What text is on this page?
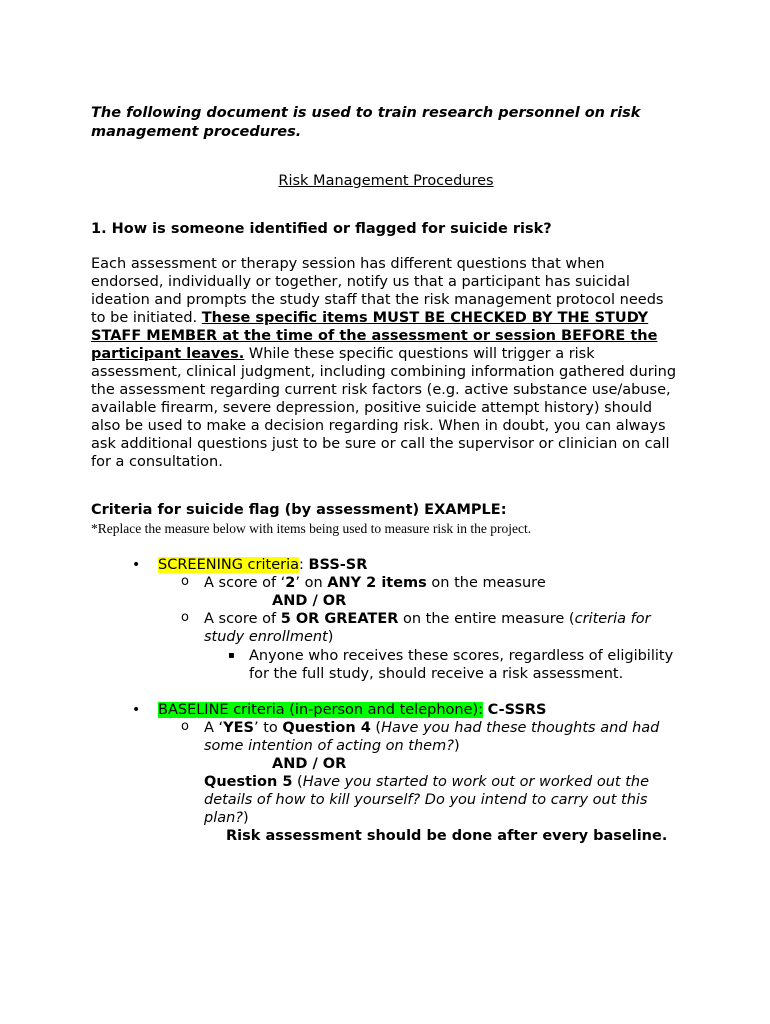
The following document is used to train research personnel on risk management procedures.

Risk Management Procedures

1. How is someone identified or flagged for suicide risk?

Each assessment or therapy session has different questions that when endorsed, individually or together, notify us that a participant has suicidal ideation and prompts the study staff that the risk management protocol needs to be initiated. These specific items MUST BE CHECKED BY THE STUDY STAFF MEMBER at the time of the assessment or session BEFORE the participant leaves. While these specific questions will trigger a risk assessment, clinical judgment, including combining information gathered during the assessment regarding current risk factors (e.g. active substance use/abuse, available firearm, severe depression, positive suicide attempt history) should also be used to make a decision regarding risk. When in doubt, you can always ask additional questions just to be sure or call the supervisor or clinician on call for a consultation.

Criteria for suicide flag (by assessment) EXAMPLE:

*Replace the measure below with items being used to measure risk in the project.

• SCREENING criteria: BSS-SR
o A score of ‘2’ on ANY 2 items on the measure
AND / OR
o A score of 5 OR GREATER on the entire measure (criteria for study enrollment)
▪ Anyone who receives these scores, regardless of eligibility for the full study, should receive a risk assessment.
• BASELINE criteria (in-person and telephone): C-SSRS
o A ‘YES’ to Question 4 (Have you had these thoughts and had some intention of acting on them?)
AND / OR
Question 5 (Have you started to work out or worked out the details of how to kill yourself? Do you intend to carry out this plan?)
Risk assessment should be done after every baseline.
